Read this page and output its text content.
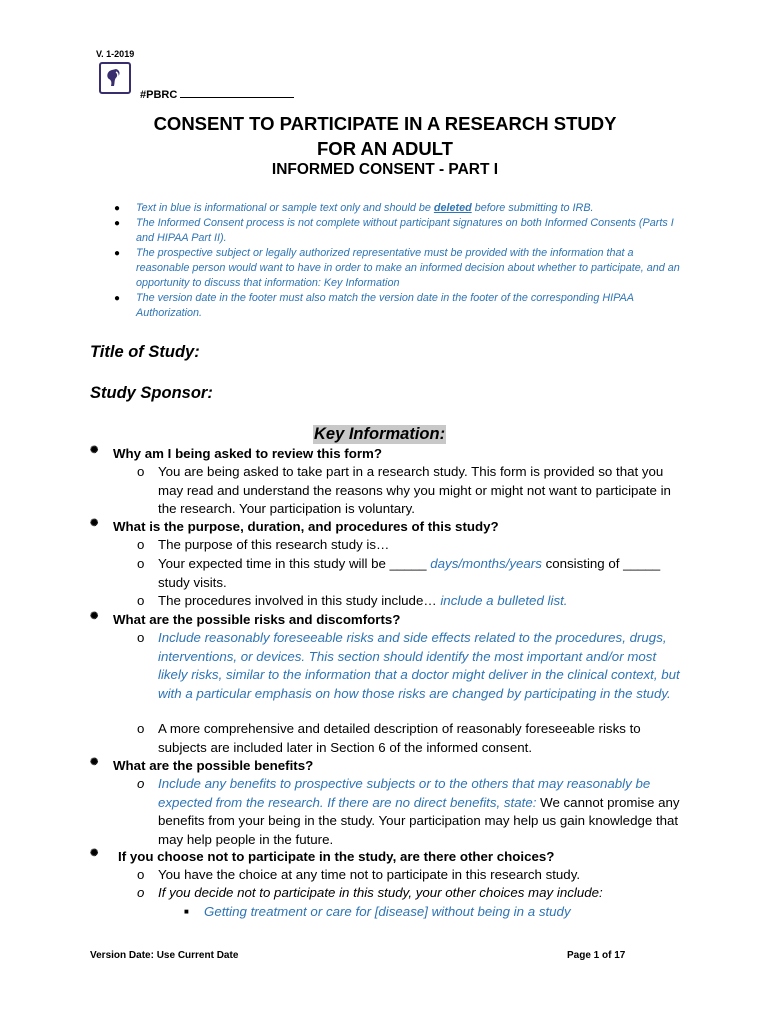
V. 1-2019
#PBRC
CONSENT TO PARTICIPATE IN A RESEARCH STUDY
FOR AN ADULT
INFORMED CONSENT - PART I
● Text in blue is informational or sample text only and should be deleted before submitting to IRB.
● The Informed Consent process is not complete without participant signatures on both Informed Consents (Parts I and HIPAA Part II).
● The prospective subject or legally authorized representative must be provided with the information that a reasonable person would want to have in order to make an informed decision about whether to participate, and an opportunity to discuss that information: Key Information
● The version date in the footer must also match the version date in the footer of the corresponding HIPAA Authorization.
Title of Study:
Study Sponsor:
Key Information:
✺ Why am I being asked to review this form?
o	You are being asked to take part in a research study. This form is provided so that you may read and understand the reasons why you might or might not want to participate in the research. Your participation is voluntary.
✺ What is the purpose, duration, and procedures of this study?
o	The purpose of this research study is…
o	Your expected time in this study will be _____ days/months/years consisting of _____ study visits.
o	The procedures involved in this study include… include a bulleted list.
✺ What are the possible risks and discomforts?
o	Include reasonably foreseeable risks and side effects related to the procedures, drugs, interventions, or devices. This section should identify the most important and/or most likely risks, similar to the information that a doctor might deliver in the clinical context, but with a particular emphasis on how those risks are changed by participating in the study.
o	A more comprehensive and detailed description of reasonably foreseeable risks to subjects are included later in Section 6 of the informed consent.
✺ What are the possible benefits?
o	Include any benefits to prospective subjects or to the others that may reasonably be expected from the research. If there are no direct benefits, state: We cannot promise any benefits from your being in the study. Your participation may help us gain knowledge that may help people in the future.
✺ If you choose not to participate in the study, are there other choices?
o	You have the choice at any time not to participate in this research study.
o	If you decide not to participate in this study, your other choices may include:
■	Getting treatment or care for [disease] without being in a study
Version Date: Use Current Date	Page 1 of 17
